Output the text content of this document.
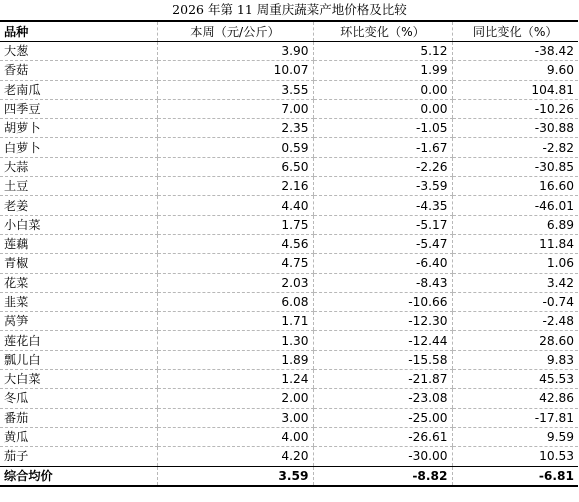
2026 年第 11 周重庆蔬菜产地价格及比较
品种	本周（元/公斤）	环比变化（%）	同比变化（%）
大葱	3.90	5.12	-38.42
香菇	10.07	1.99	9.60
老南瓜	3.55	0.00	104.81
四季豆	7.00	0.00	-10.26
胡萝卜	2.35	-1.05	-30.88
白萝卜	0.59	-1.67	-2.82
大蒜	6.50	-2.26	-30.85
土豆	2.16	-3.59	16.60
老姜	4.40	-4.35	-46.01
小白菜	1.75	-5.17	6.89
莲藕	4.56	-5.47	11.84
青椒	4.75	-6.40	1.06
花菜	2.03	-8.43	3.42
韭菜	6.08	-10.66	-0.74
莴笋	1.71	-12.30	-2.48
莲花白	1.30	-12.44	28.60
瓢儿白	1.89	-15.58	9.83
大白菜	1.24	-21.87	45.53
冬瓜	2.00	-23.08	42.86
番茄	3.00	-25.00	-17.81
黄瓜	4.00	-26.61	9.59
茄子	4.20	-30.00	10.53
综合均价	3.59	-8.82	-6.81
